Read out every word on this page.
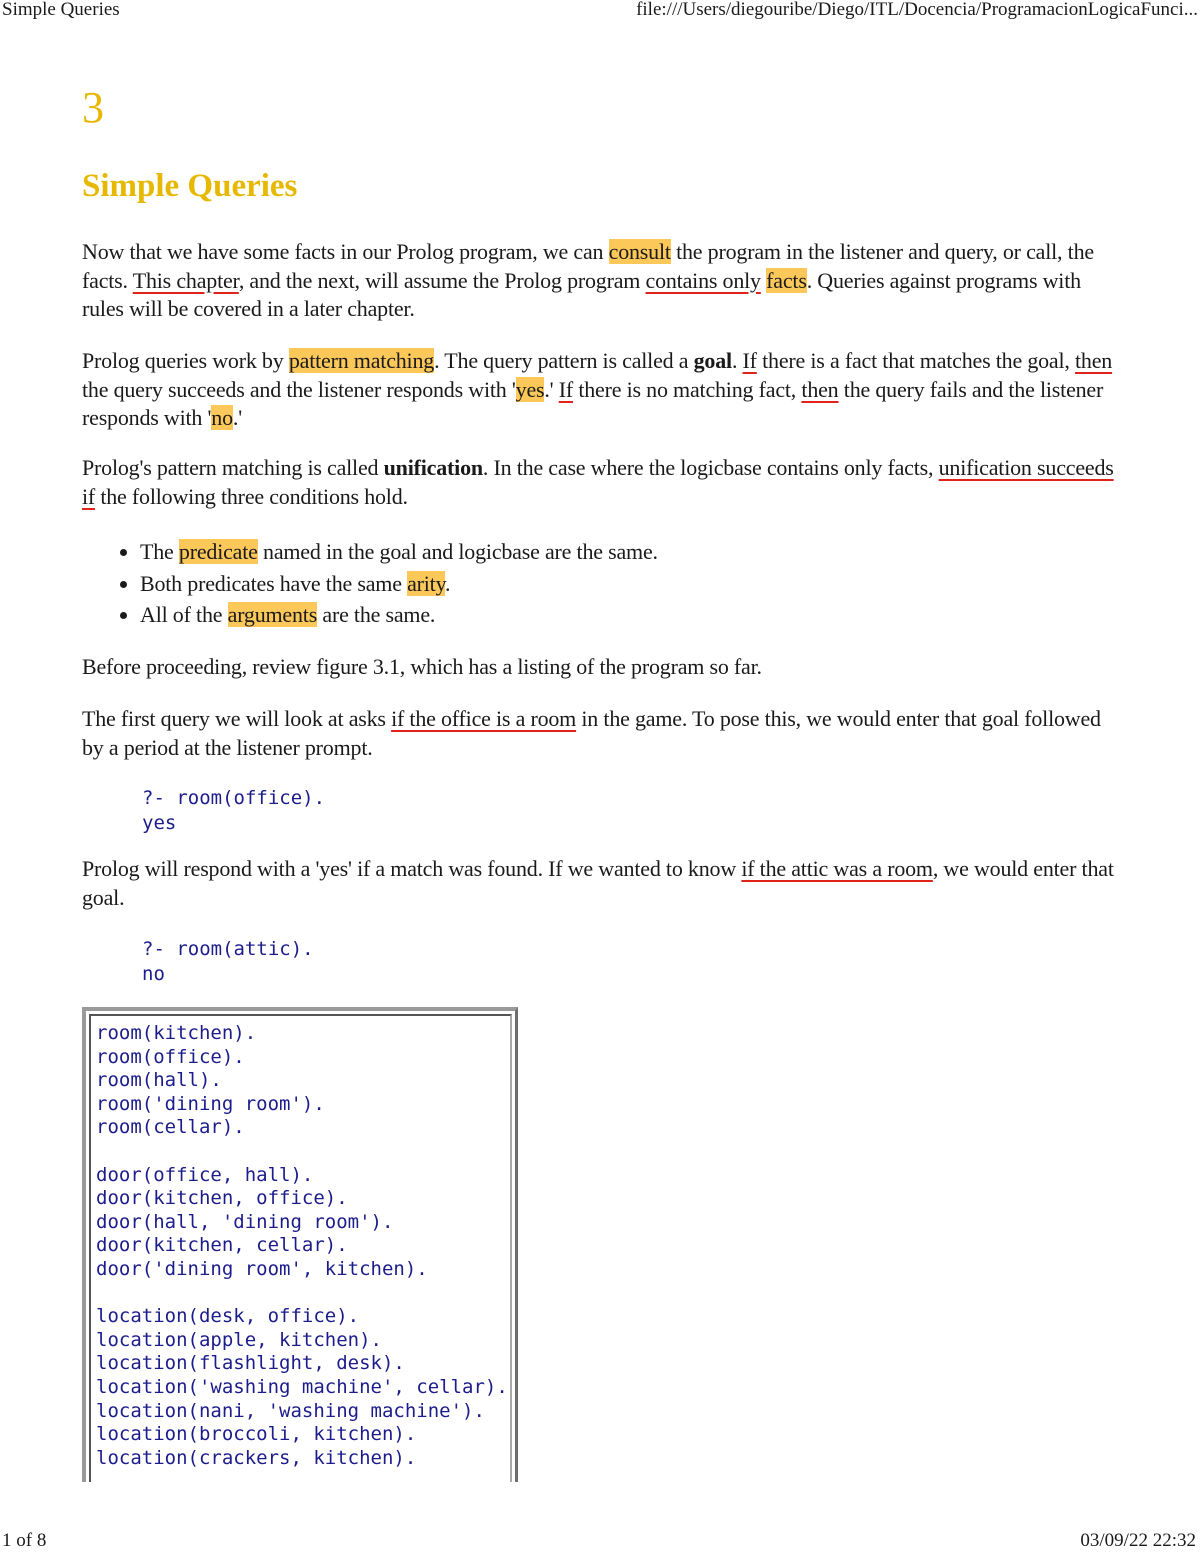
Simple Queries	file:///Users/diegouribe/Diego/ITL/Docencia/ProgramacionLogicaFunci...
3
Simple Queries

Now that we have some facts in our Prolog program, we can consult the program in the listener and query, or call, the facts. This chapter, and the next, will assume the Prolog program contains only facts. Queries against programs with rules will be covered in a later chapter.

Prolog queries work by pattern matching. The query pattern is called a goal. If there is a fact that matches the goal, then the query succeeds and the listener responds with 'yes.' If there is no matching fact, then the query fails and the listener responds with 'no.'

Prolog's pattern matching is called unification. In the case where the logicbase contains only facts, unification succeeds if the following three conditions hold.

• The predicate named in the goal and logicbase are the same.
• Both predicates have the same arity.
• All of the arguments are the same.

Before proceeding, review figure 3.1, which has a listing of the program so far.

The first query we will look at asks if the office is a room in the game. To pose this, we would enter that goal followed by a period at the listener prompt.

?- room(office).
yes

Prolog will respond with a 'yes' if a match was found. If we wanted to know if the attic was a room, we would enter that goal.

?- room(attic).
no
room(kitchen).
room(office).
room(hall).
room('dining room').
room(cellar).
door(office, hall).
door(kitchen, office).
door(hall, 'dining room').
door(kitchen, cellar).
door('dining room', kitchen).
location(desk, office).
location(apple, kitchen).
location(flashlight, desk).
location('washing machine', cellar).
location(nani, 'washing machine').
location(broccoli, kitchen).
location(crackers, kitchen).
1 of 8	03/09/22 22:32
